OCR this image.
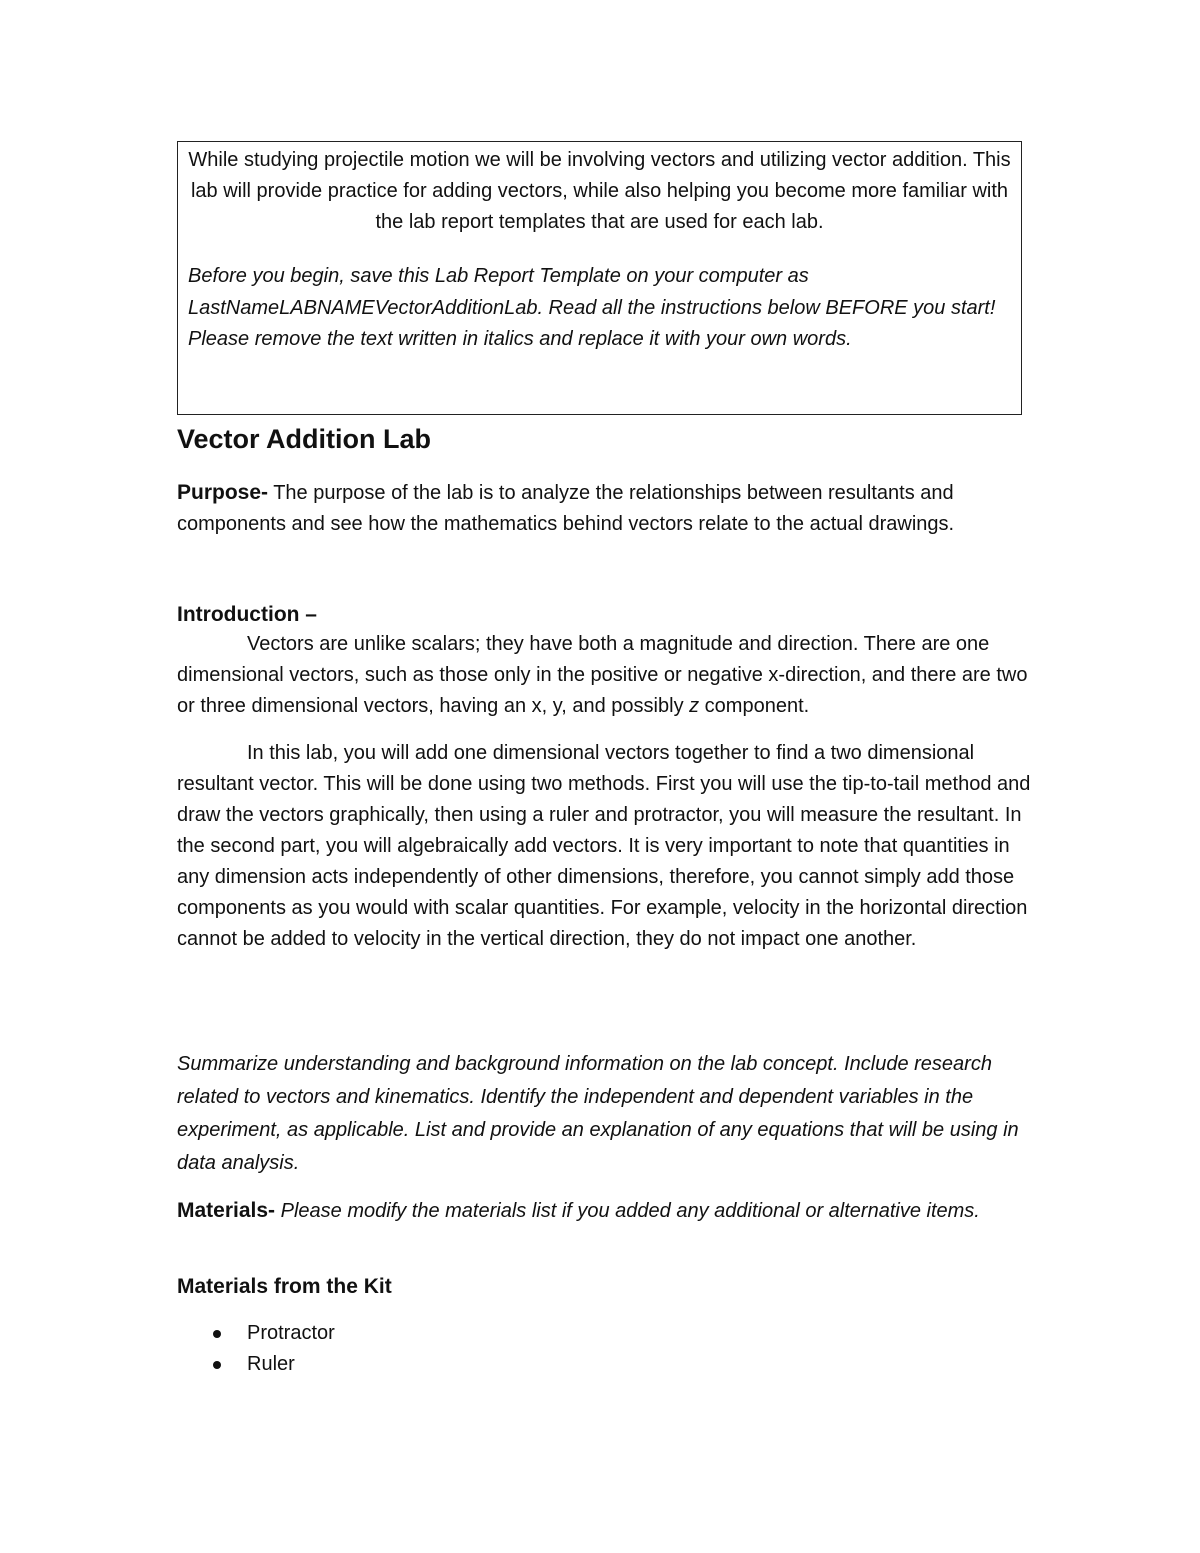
While studying projectile motion we will be involving vectors and utilizing vector addition. This lab will provide practice for adding vectors, while also helping you become more familiar with the lab report templates that are used for each lab.

Before you begin, save this Lab Report Template on your computer as LastNameLABNAMEVectorAdditionLab. Read all the instructions below BEFORE you start! Please remove the text written in italics and replace it with your own words.

Vector Addition Lab

Purpose- The purpose of the lab is to analyze the relationships between resultants and components and see how the mathematics behind vectors relate to the actual drawings.

Introduction –

Vectors are unlike scalars; they have both a magnitude and direction. There are one dimensional vectors, such as those only in the positive or negative x-direction, and there are two or three dimensional vectors, having an x, y, and possibly z component.

In this lab, you will add one dimensional vectors together to find a two dimensional resultant vector. This will be done using two methods. First you will use the tip-to-tail method and draw the vectors graphically, then using a ruler and protractor, you will measure the resultant. In the second part, you will algebraically add vectors. It is very important to note that quantities in any dimension acts independently of other dimensions, therefore, you cannot simply add those components as you would with scalar quantities. For example, velocity in the horizontal direction cannot be added to velocity in the vertical direction, they do not impact one another.

Summarize understanding and background information on the lab concept. Include research related to vectors and kinematics. Identify the independent and dependent variables in the experiment, as applicable. List and provide an explanation of any equations that will be using in data analysis.

Materials- Please modify the materials list if you added any additional or alternative items.

Materials from the Kit
Protractor
Ruler
